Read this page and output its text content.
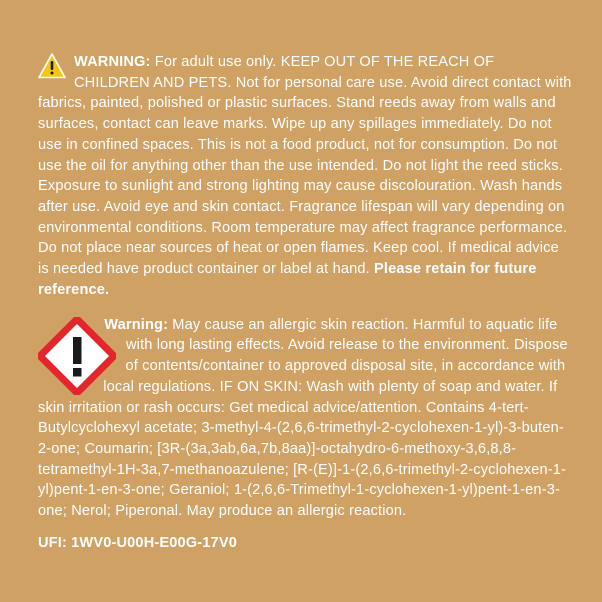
WARNING: For adult use only. KEEP OUT OF THE REACH OF CHILDREN AND PETS. Not for personal care use. Avoid direct contact with fabrics, painted, polished or plastic surfaces. Stand reeds away from walls and surfaces, contact can leave marks. Wipe up any spillages immediately. Do not use in confined spaces. This is not a food product, not for consumption. Do not use the oil for anything other than the use intended. Do not light the reed sticks. Exposure to sunlight and strong lighting may cause discolouration. Wash hands after use. Avoid eye and skin contact. Fragrance lifespan will vary depending on environmental conditions. Room temperature may affect fragrance performance. Do not place near sources of heat or open flames. Keep cool. If medical advice is needed have product container or label at hand. Please retain for future reference.

Warning: May cause an allergic skin reaction. Harmful to aquatic life with long lasting effects. Avoid release to the environment. Dispose of contents/container to approved disposal site, in accordance with local regulations. IF ON SKIN: Wash with plenty of soap and water. If skin irritation or rash occurs: Get medical advice/attention. Contains 4-tert-Butylcyclohexyl acetate; 3-methyl-4-(2,6,6-trimethyl-2-cyclohexen-1-yl)-3-buten-2-one; Coumarin; [3R-(3a,3ab,6a,7b,8aa)]-octahydro-6-methoxy-3,6,8,8-tetramethyl-1H-3a,7-methanoazulene; [R-(E)]-1-(2,6,6-trimethyl-2-cyclohexen-1-yl)pent-1-en-3-one; Geraniol; 1-(2,6,6-Trimethyl-1-cyclohexen-1-yl)pent-1-en-3-one; Nerol; Piperonal. May produce an allergic reaction.

UFI: 1WV0-U00H-E00G-17V0
